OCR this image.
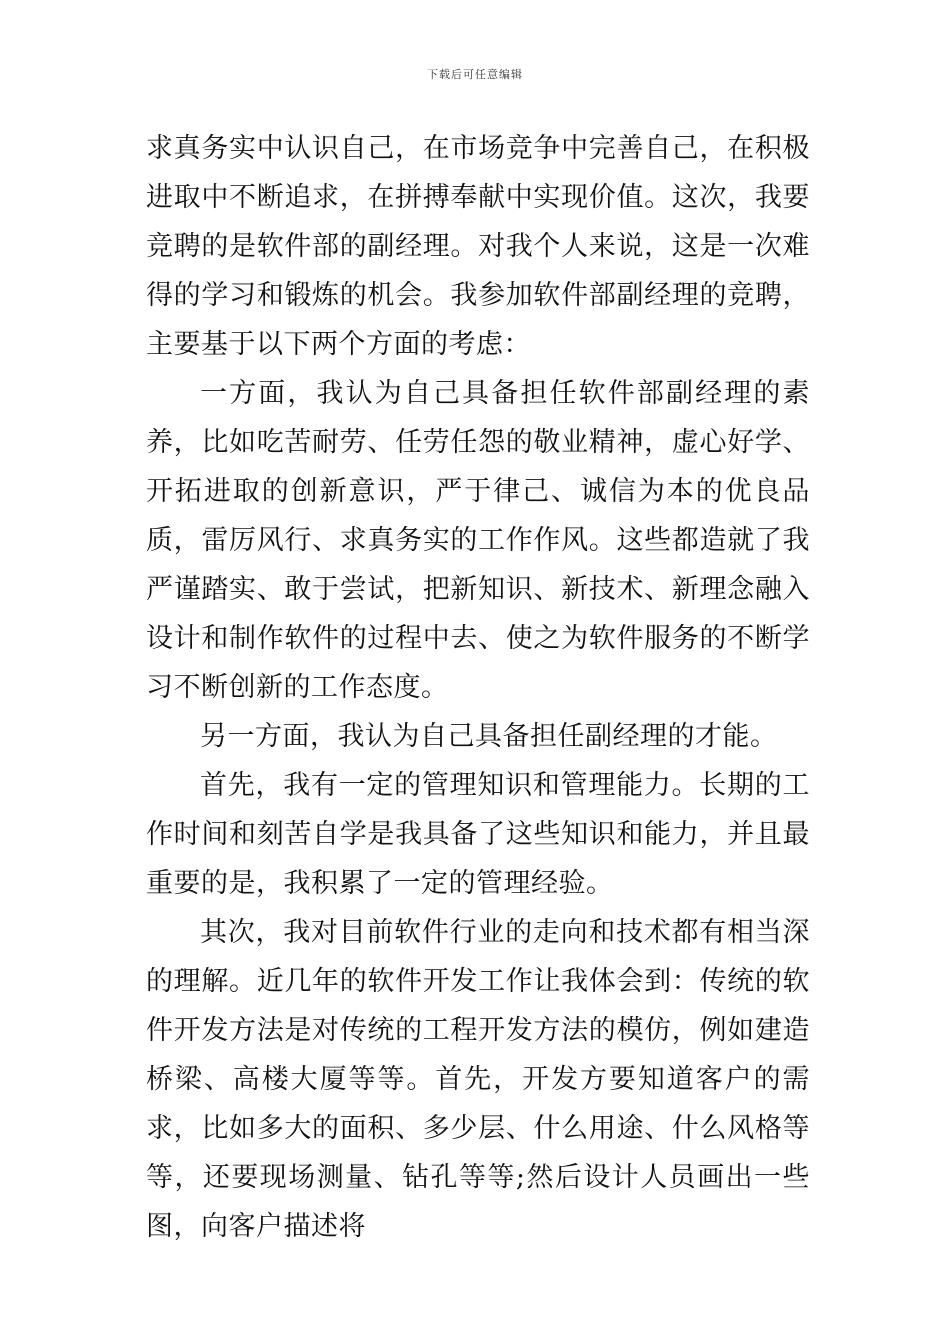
下载后可任意编辑

求真务实中认识自己，在市场竞争中完善自己，在积极进取中不断追求，在拼搏奉献中实现价值。这次，我要竞聘的是软件部的副经理。对我个人来说，这是一次难得的学习和锻炼的机会。我参加软件部副经理的竞聘，主要基于以下两个方面的考虑：

一方面，我认为自己具备担任软件部副经理的素养，比如吃苦耐劳、任劳任怨的敬业精神，虚心好学、开拓进取的创新意识，严于律己、诚信为本的优良品质，雷厉风行、求真务实的工作作风。这些都造就了我严谨踏实、敢于尝试，把新知识、新技术、新理念融入设计和制作软件的过程中去、使之为软件服务的不断学习不断创新的工作态度。

另一方面，我认为自己具备担任副经理的才能。

首先，我有一定的管理知识和管理能力。长期的工作时间和刻苦自学是我具备了这些知识和能力，并且最重要的是，我积累了一定的管理经验。

其次，我对目前软件行业的走向和技术都有相当深的理解。近几年的软件开发工作让我体会到：传统的软件开发方法是对传统的工程开发方法的模仿，例如建造桥梁、高楼大厦等等。首先，开发方要知道客户的需求，比如多大的面积、多少层、什么用途、什么风格等等，还要现场测量、钻孔等等;然后设计人员画出一些图，向客户描述将
